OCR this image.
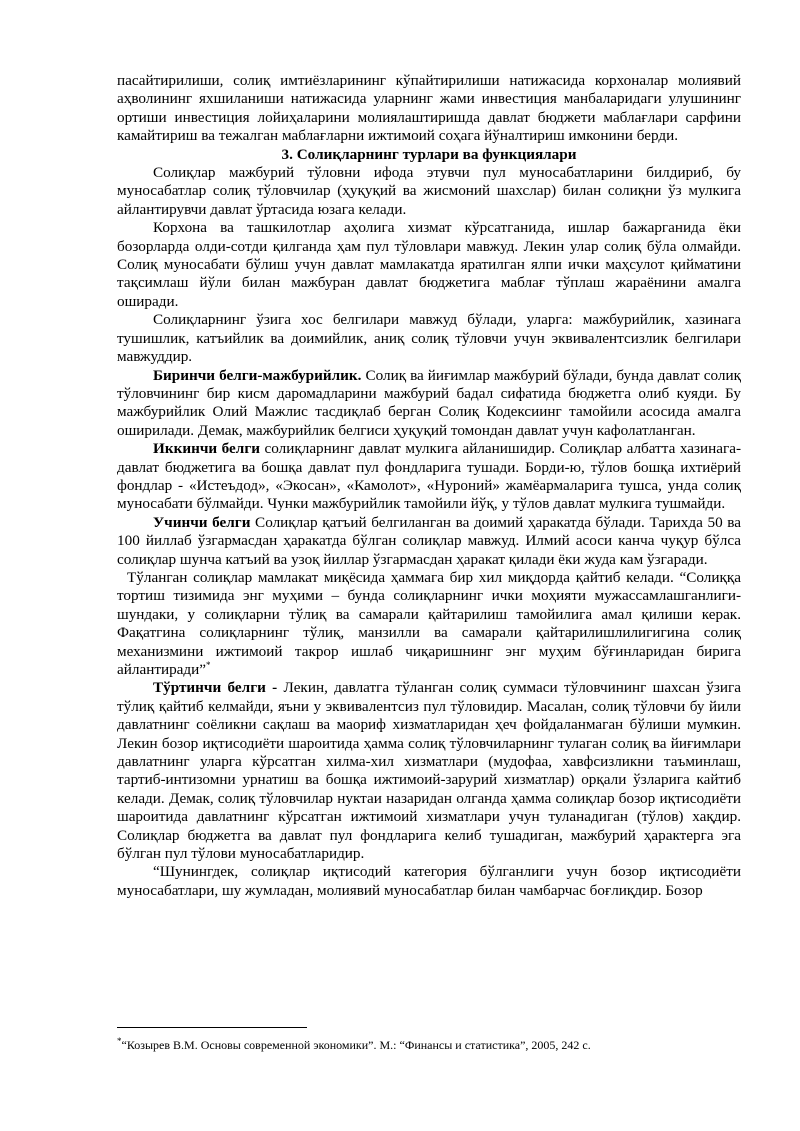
пасайтирилиши, солиқ имтиёзларининг кўпайтирилиши натижасида корхоналар молиявий аҳволининг яхшиланиши натижасида уларнинг жами инвестиция манбаларидаги улушининг ортиши инвестиция лойиҳаларини молиялаштиришда давлат бюджети маблағлари сарфини камайтириш ва тежалган маблағларни ижтимоий соҳага йўналтириш имконини берди.

3. Солиқларнинг турлари ва функциялари

Солиқлар мажбурий тўловни ифода этувчи пул муносабатларини билдириб, бу муносабатлар солиқ тўловчилар (ҳуқуқий ва жисмоний шахслар) билан солиқни ўз мулкига айлантирувчи давлат ўртасида юзага келади.

Корхона ва ташкилотлар аҳолига хизмат кўрсатганида, ишлар бажарганида ёки бозорларда олди-сотди қилганда ҳам пул тўловлари мавжуд. Лекин улар солиқ бўла олмайди. Солиқ муносабати бўлиш учун давлат мамлакатда яратилган ялпи ички маҳсулот қийматини тақсимлаш йўли билан мажбуран давлат бюджетига маблағ тўплаш жараёнини амалга оширади.

Солиқларнинг ўзига хос белгилари мавжуд бўлади, уларга: мажбурийлик, хазинага тушишлик, катъийлик ва доимийлик, аниқ солиқ тўловчи учун эквивалентсизлик белгилари мавжуддир.

Биринчи белги-мажбурийлик. Солиқ ва йиғимлар мажбурий бўлади, бунда давлат солиқ тўловчининг бир кисм даромадларини мажбурий бадал сифатида бюджетга олиб куяди. Бу мажбурийлик Олий Мажлис тасдиқлаб берган Солиқ Кодексиинг тамойили асосида амалга оширилади. Демак, мажбурийлик белгиси ҳуқуқий томондан давлат учун кафолатланган.

Иккинчи белги солиқларнинг давлат мулкига айланишидир. Солиқлар албатта хазинага-давлат бюджетига ва бошқа давлат пул фондларига тушади. Борди-ю, тўлов бошқа ихтиёрий фондлар - «Истеъдод», «Экосан», «Камолот», «Нуроний» жамёармаларига тушса, унда солиқ муносабати бўлмайди. Чунки мажбурийлик тамойили йўқ, у тўлов давлат мулкига тушмайди.

Учинчи белги Солиқлар қатъий белгиланган ва доимий ҳаракатда бўлади. Тарихда 50 ва 100 йиллаб ўзгармасдан ҳаракатда бўлган солиқлар мавжуд. Илмий асоси канча чуқур бўлса солиқлар шунча катъий ва узоқ йиллар ўзгармасдан ҳаракат қилади ёки жуда кам ўзгаради.

Тўланган солиқлар мамлакат миқёсида ҳаммага бир хил миқдорда қайтиб келади. “Солиққа тортиш тизимида энг муҳими – бунда солиқларнинг ички моҳияти мужассамлашганлиги- шундаки, у солиқларни тўлиқ ва самарали қайтарилиш тамойилига амал қилиши керак. Фақатгина солиқларнинг тўлиқ, манзилли ва самарали қайтарилишлилигигина солиқ механизмини ижтимоий такрор ишлаб чиқаришнинг энг муҳим бўғинларидан бирига айлантиради”*

Тўртинчи белги - Лекин, давлатга тўланган солиқ суммаси тўловчининг шахсан ўзига тўлиқ қайтиб келмайди, яъни у эквивалентсиз пул тўловидир. Масалан, солиқ тўловчи бу йили давлатнинг соёликни сақлаш ва маориф хизматларидан ҳеч фойдаланмаган бўлиши мумкин. Лекин бозор иқтисодиёти шароитида ҳамма солиқ тўловчиларнинг тулаган солиқ ва йиғимлари давлатнинг уларга кўрсатган хилма-хил хизматлари (мудофаа, хавфсизликни таъминлаш, тартиб-интизомни урнатиш ва бошқа ижтимоий-зарурий хизматлар) орқали ўзларига кайтиб келади. Демак, солиқ тўловчилар нуктаи назаридан олганда ҳамма солиқлар бозор иқтисодиёти шароитида давлатнинг кўрсатган ижтимоий хизматлари учун туланадиган (тўлов) хақдир. Солиқлар бюджетга ва давлат пул фондларига келиб тушадиган, мажбурий ҳарактерга эга бўлган пул тўлови муносабатларидир.

“Шунингдек, солиқлар иқтисодий категория бўлганлиги учун бозор иқтисодиёти муносабатлари, шу жумладан, молиявий муносабатлар билан чамбарчас боғлиқдир. Бозор

*“Козырев В.М. Основы современной экономики”. М.: “Финансы и статистика”, 2005, 242 с.
